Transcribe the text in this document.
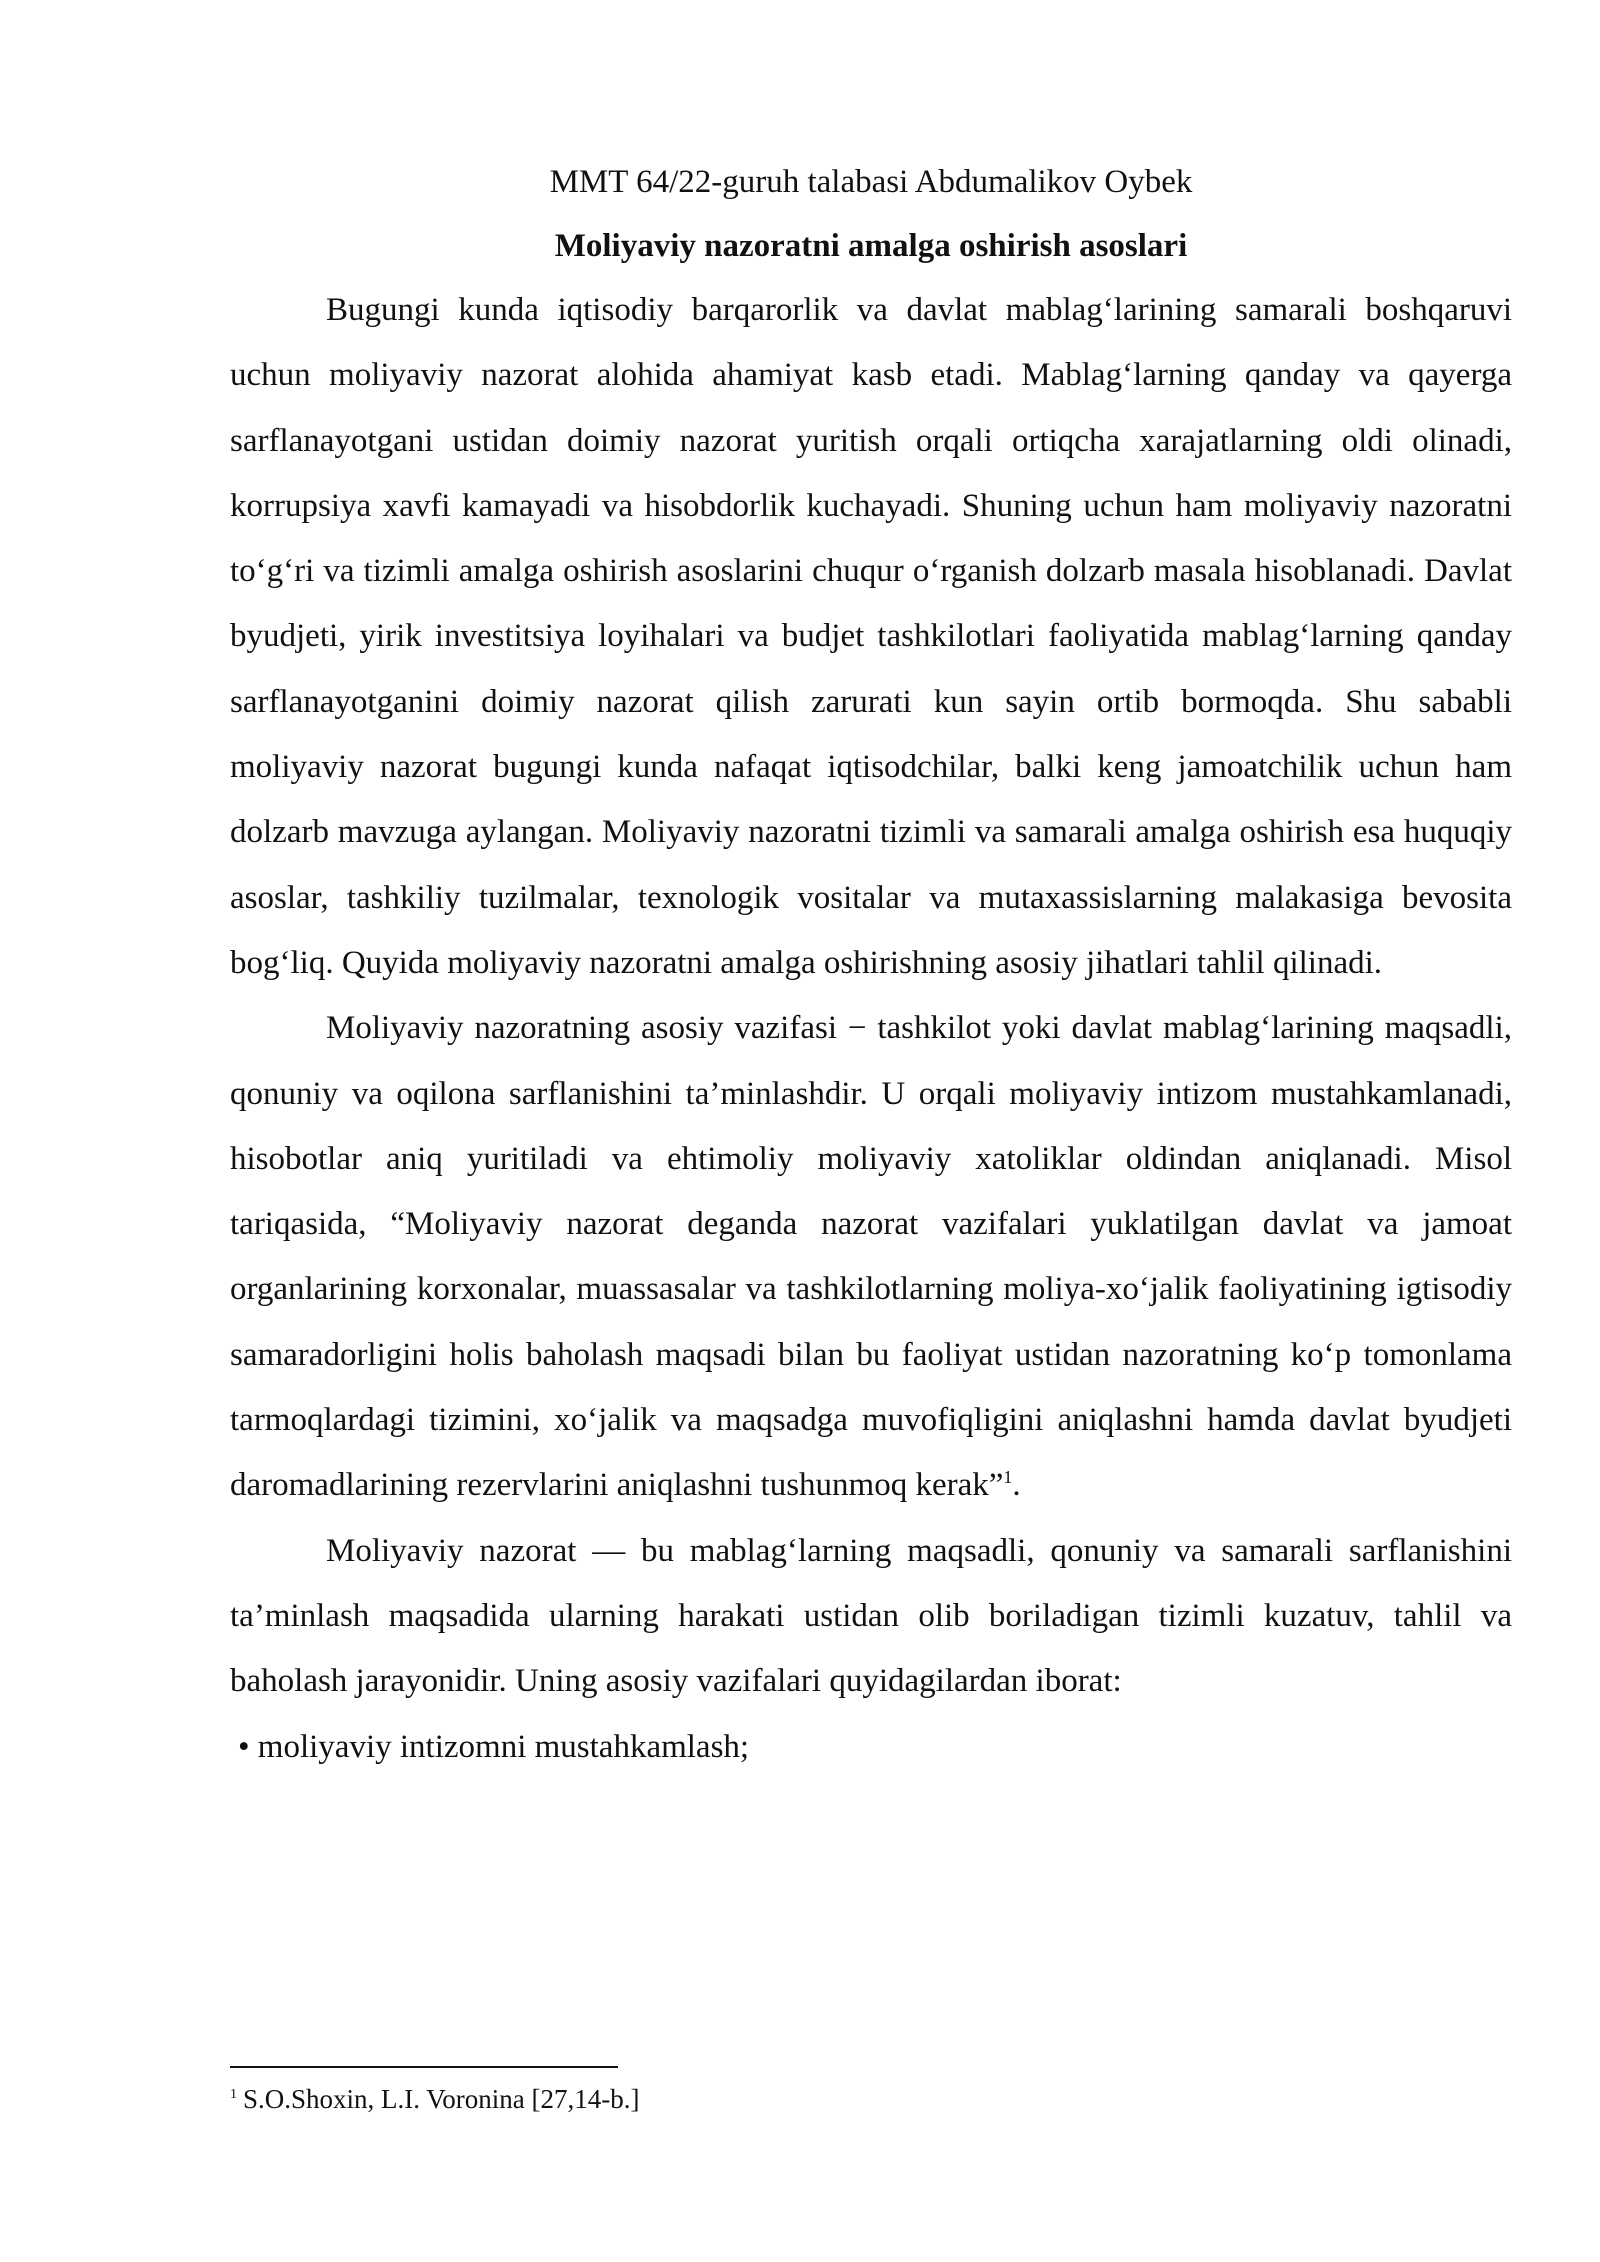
MMT 64/22-guruh talabasi Abdumalikov Oybek

Moliyaviy nazoratni amalga oshirish asoslari

Bugungi kunda iqtisodiy barqarorlik va davlat mablag‘larining samarali boshqaruvi uchun moliyaviy nazorat alohida ahamiyat kasb etadi. Mablag‘larning qanday va qayerga sarflanayotgani ustidan doimiy nazorat yuritish orqali ortiqcha xarajatlarning oldi olinadi, korrupsiya xavfi kamayadi va hisobdorlik kuchayadi. Shuning uchun ham moliyaviy nazoratni to‘g‘ri va tizimli amalga oshirish asoslarini chuqur o‘rganish dolzarb masala hisoblanadi. Davlat byudjeti, yirik investitsiya loyihalari va budjet tashkilotlari faoliyatida mablag‘larning qanday sarflanayotganini doimiy nazorat qilish zarurati kun sayin ortib bormoqda. Shu sababli moliyaviy nazorat bugungi kunda nafaqat iqtisodchilar, balki keng jamoatchilik uchun ham dolzarb mavzuga aylangan. Moliyaviy nazoratni tizimli va samarali amalga oshirish esa huquqiy asoslar, tashkiliy tuzilmalar, texnologik vositalar va mutaxassislarning malakasiga bevosita bog‘liq. Quyida moliyaviy nazoratni amalga oshirishning asosiy jihatlari tahlil qilinadi.

Moliyaviy nazoratning asosiy vazifasi − tashkilot yoki davlat mablag‘larining maqsadli, qonuniy va oqilona sarflanishini ta’minlashdir. U orqali moliyaviy intizom mustahkamlanadi, hisobotlar aniq yuritiladi va ehtimoliy moliyaviy xatoliklar oldindan aniqlanadi. Misol tariqasida, “Moliyaviy nazorat deganda nazorat vazifalari yuklatilgan davlat va jamoat organlarining korxonalar, muassasalar va tashkilotlarning moliya-xo‘jalik faoliyatining igtisodiy samaradorligini holis baholash maqsadi bilan bu faoliyat ustidan nazoratning ko‘p tomonlama tarmoqlardagi tizimini, xo‘jalik va maqsadga muvofiqligini aniqlashni hamda davlat byudjeti daromadlarining rezervlarini aniqlashni tushunmoq kerak”$^1$.

Moliyaviy nazorat — bu mablag‘larning maqsadli, qonuniy va samarali sarflanishini ta’minlash maqsadida ularning harakati ustidan olib boriladigan tizimli kuzatuv, tahlil va baholash jarayonidir. Uning asosiy vazifalari quyidagilardan iborat:

• moliyaviy intizomni mustahkamlash;

$^1$ S.O.Shoxin, L.I. Voronina [27,14-b.]
